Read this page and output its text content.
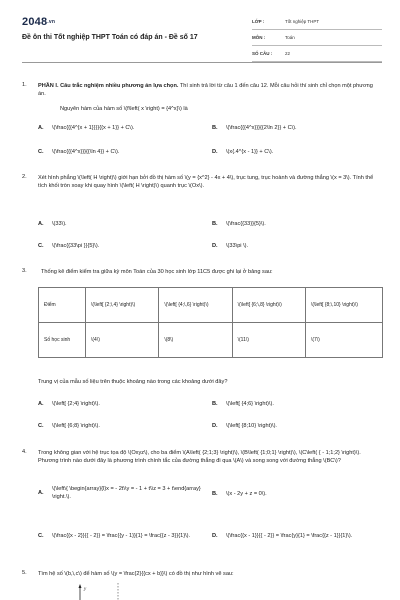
$2048^{.vn}$
Đề ôn thi Tốt nghiệp THPT Toán có đáp án - Đề số 17
LỚP :	Tốt nghiệp THPT
MÔN :	Toán
SỐ CÂU :	22
1. PHẦN I. Câu trắc nghiệm nhiều phương án lựa chọn. Thí sinh trả lời từ câu 1 đến câu 12. Mỗi câu hỏi thí sinh chỉ chọn một phương án.
Nguyên hàm của hàm số \(f\left( x \right) = {4^x}\) là
A. \(\frac{{{4^{x + 1}}}}{{x + 1}} + C\).	B. \(\frac{{{4^x}}}{{2\ln 2}} + C\).
C. \(\frac{{{4^x}}}{{\ln 4}} + C\).	D. \(x{.4^{x - 1}} + C\).
2. Xét hình phẳng \(\left( H \right)\) giới hạn bởi đồ thị hàm số \(y = {x^2} - 4x + 4\), trục tung, trục hoành và đường thẳng \(x = 3\). Tính thể tích khối tròn xoay khi quay hình \(\left( H \right)\) quanh trục \(Ox\).
A. \(33\).	B. \(\frac{{33}}{5}\).
C. \(\frac{{33\pi }}{5}\).	D. \(33\pi \).
3.	Thống kê điểm kiểm tra giữa kỳ môn Toán của 30 học sinh lớp 11C5 được ghi lại ở bảng sau:
Điểm	\(\left[ {2;\,4} \right)\)	\(\left[ {4;\,6} \right)\)	\(\left[ {6;\,8} \right)\)	\(\left[ {8;\,10} \right)\)
Số học sinh	\(4\)	\(8\)	\(11\)	\(7\)
Trung vị của mẫu số liệu trên thuộc khoảng nào trong các khoảng dưới đây?
A. \(\left[ {2;4} \right)\).	B. \(\left[ {4;6} \right)\).
C. \(\left[ {6;8} \right)\).	D. \(\left[ {8;10} \right)\).
4. Trong không gian với hệ trục tọa độ \(Oxyz\), cho ba điểm \(A\left( {2;1;3} \right)\), \(B\left( {1;0;1} \right)\), \(C\left( { - 1;1;2} \right)\). Phương trình nào dưới đây là phương trình chính tắc của đường thẳng đi qua \(A\) và song song với đường thẳng \(BC\)?
A.
\(\left\{ \begin{array}{l}x = - 2t\\y = - 1 + t\\z = 3 + t\end{array} \right.\).	B. \(x - 2y + z = 0\).
C.	\(\frac{{x - 2}}{{ - 2}} = \frac{{y - 1}}{1} = \frac{{z - 3}}{1}\).	D.	\(\frac{{x - 1}}{{ - 2}} = \frac{y}{1} = \frac{{z - 1}}{1}\).
5. Tìm hệ số \(b,\,c\) để hàm số \(y = \frac{2}{{cx + b}}\) có đồ thị như hình vẽ sau:
y
